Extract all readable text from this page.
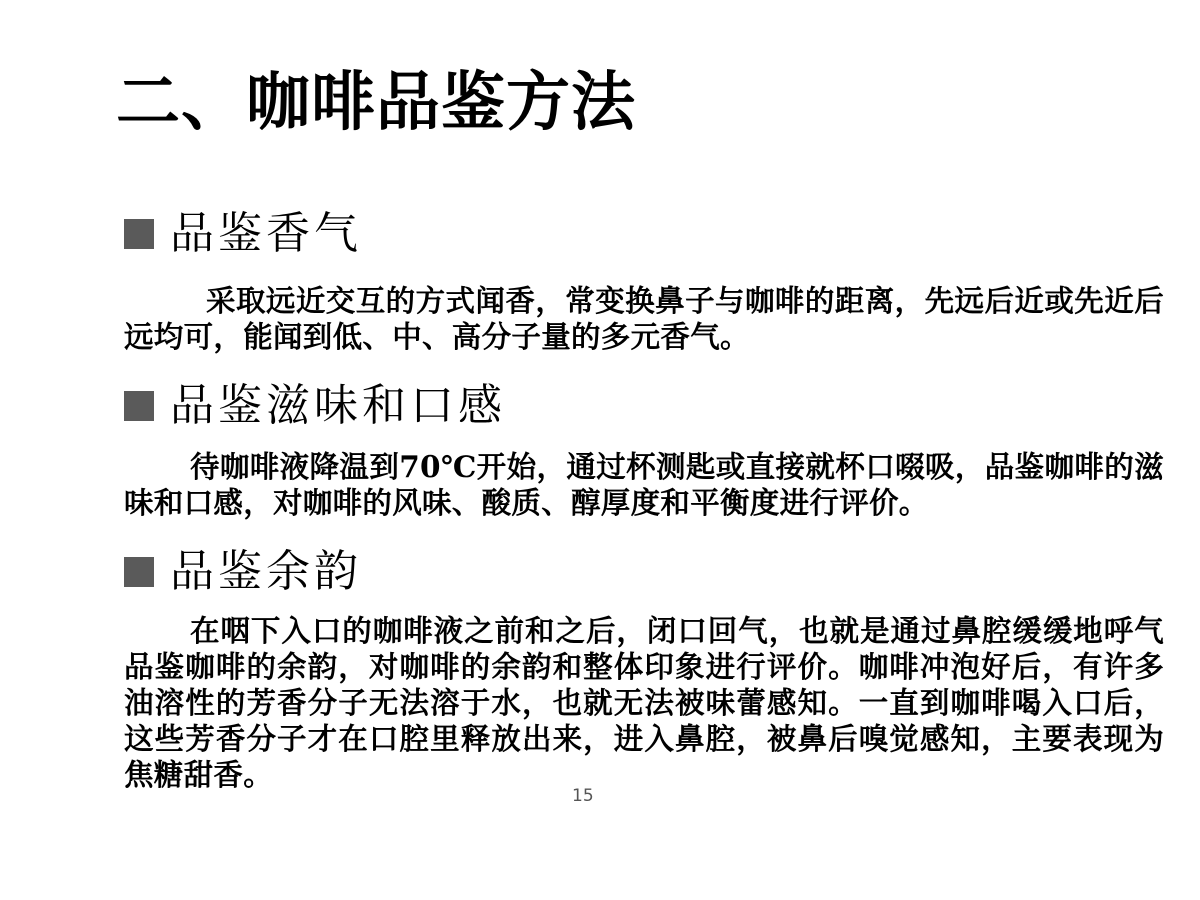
二、咖啡品鉴方法
品鉴香气

采取远近交互的方式闻香，常变换鼻子与咖啡的距离，先远后近或先近后远均可，能闻到低、中、高分子量的多元香气。

品鉴滋味和口感

待咖啡液降温到70℃开始，通过杯测匙或直接就杯口啜吸，品鉴咖啡的滋味和口感，对咖啡的风味、酸质、醇厚度和平衡度进行评价。

品鉴余韵

在咽下入口的咖啡液之前和之后，闭口回气，也就是通过鼻腔缓缓地呼气品鉴咖啡的余韵，对咖啡的余韵和整体印象进行评价。咖啡冲泡好后，有许多油溶性的芳香分子无法溶于水，也就无法被味蕾感知。一直到咖啡喝入口后，这些芳香分子才在口腔里释放出来，进入鼻腔，被鼻后嗅觉感知，主要表现为焦糖甜香。

15
